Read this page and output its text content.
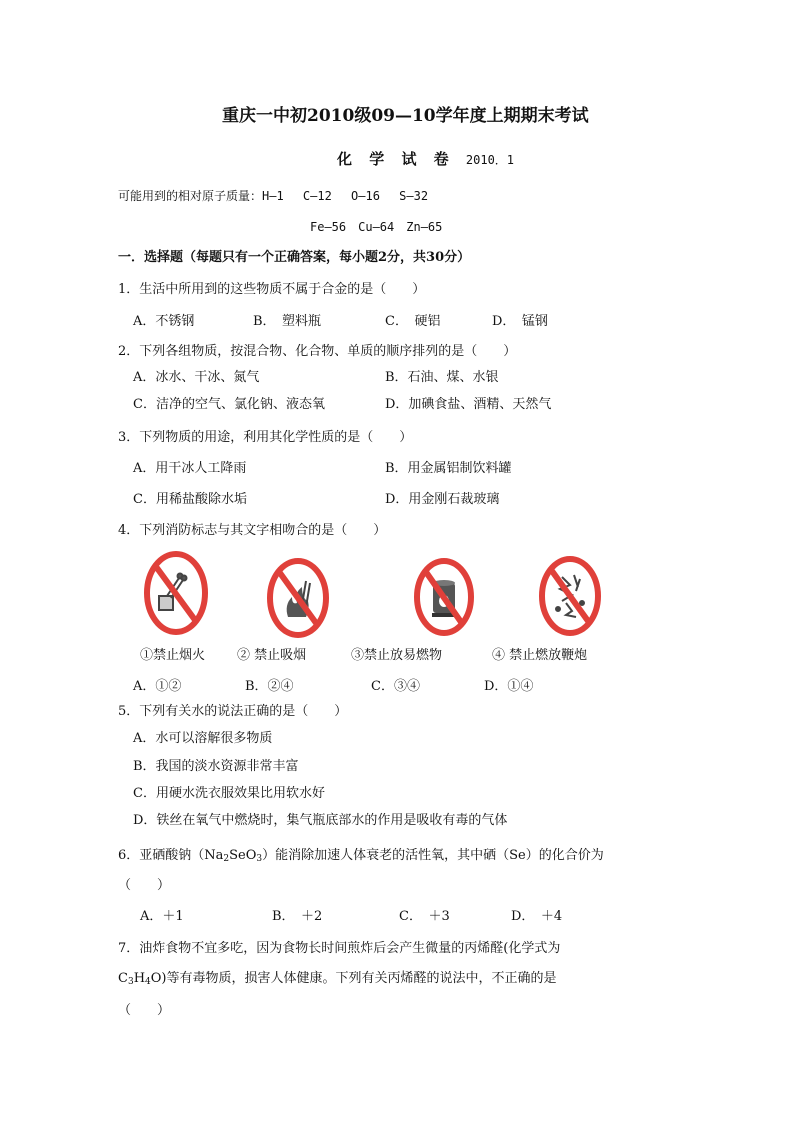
重庆一中初2010级09—10学年度上期期末考试
化 学 试 卷 2010．1
可能用到的相对原子质量：H—1　 C—12　 O—16　 S—32
Fe—56　Cu—64　Zn—65
一．选择题（每题只有一个正确答案，每小题2分，共30分）
1．生活中所用到的这些物质不属于合金的是（　　）
A．不锈钢	B．　塑料瓶	C．　硬铝	D．　锰钢
2．下列各组物质，按混合物、化合物、单质的顺序排列的是（　　）
A．冰水、干冰、氮气	B．石油、煤、水银
C．洁净的空气、氯化钠、液态氧	D．加碘食盐、酒精、天然气
3．下列物质的用途，利用其化学性质的是（　　）
A．用干冰人工降雨	B．用金属铝制饮料罐
C．用稀盐酸除水垢	D．用金刚石裁玻璃
4．下列消防标志与其文字相吻合的是（　　）
①禁止烟火 ② 禁止吸烟	③禁止放易燃物	④ 禁止燃放鞭炮
A．①②	B．②④	C．③④	D．①④
5．下列有关水的说法正确的是（　　）
A．水可以溶解很多物质
B．我国的淡水资源非常丰富
C．用硬水洗衣服效果比用软水好
D．铁丝在氧气中燃烧时，集气瓶底部水的作用是吸收有毒的气体
6．亚硒酸钠$(Na_2SeO_3)$能消除加速人体衰老的活性氧，其中硒（Se）的化合价为
（　　）
A．＋1	B．　＋2	C．　＋3	D．　＋4
7．油炸食物不宜多吃，因为食物长时间煎炸后会产生微量的丙烯醛(化学式为
$C_3H_4O$)等有毒物质，损害人体健康。下列有关丙烯醛的说法中，不正确的是
（　　）
